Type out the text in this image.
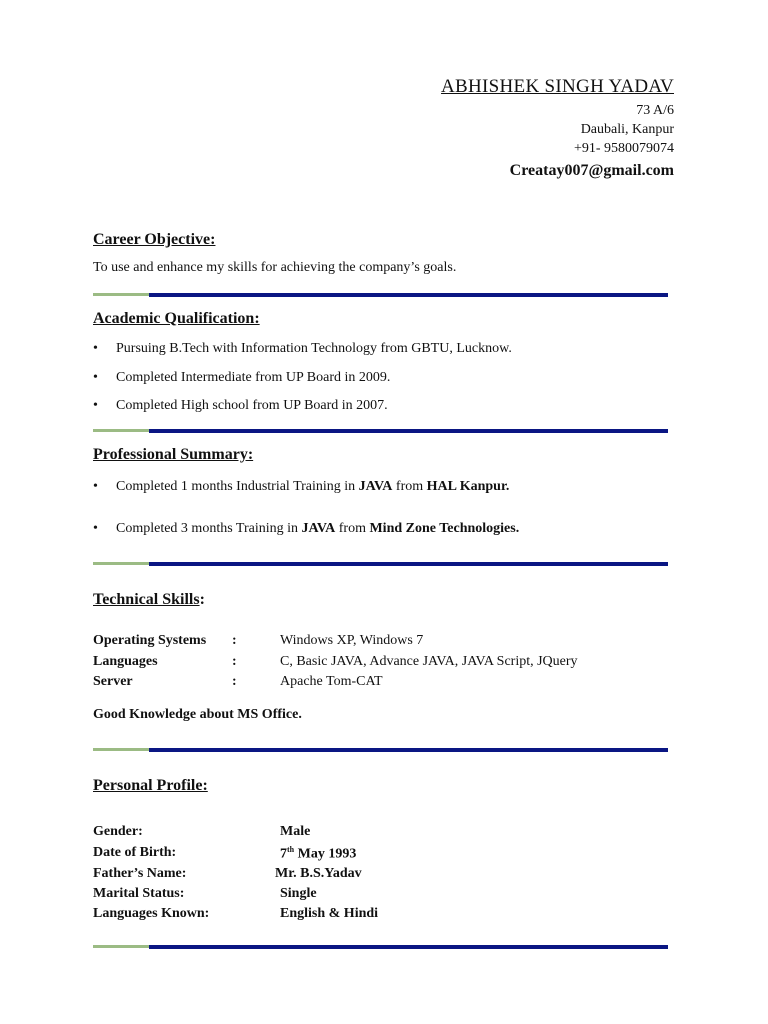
ABHISHEK SINGH YADAV

73 A/6

Daubali, Kanpur

+91- 9580079074

Creatay007@gmail.com

Career Objective:

To use and enhance my skills for achieving the company’s goals.

Academic Qualification:

•	Pursuing B.Tech with Information Technology from GBTU, Lucknow.
•	Completed Intermediate from UP Board in 2009.
•	Completed High school from UP Board in 2007.

Professional Summary:

•	Completed 1 months Industrial Training in JAVA from HAL Kanpur.
•	Completed 3 months Training in JAVA from Mind Zone Technologies.

Technical Skills:

Operating Systems :	Windows XP, Windows 7
Languages	:	C, Basic JAVA, Advance JAVA, JAVA Script, JQuery
Server	:	Apache Tom-CAT
Good Knowledge about MS Office.

Personal Profile:

Gender:	Male
Date of Birth:	7th May 1993
Father’s Name:	Mr. B.S.Yadav
Marital Status:	Single
Languages Known:	English & Hindi
